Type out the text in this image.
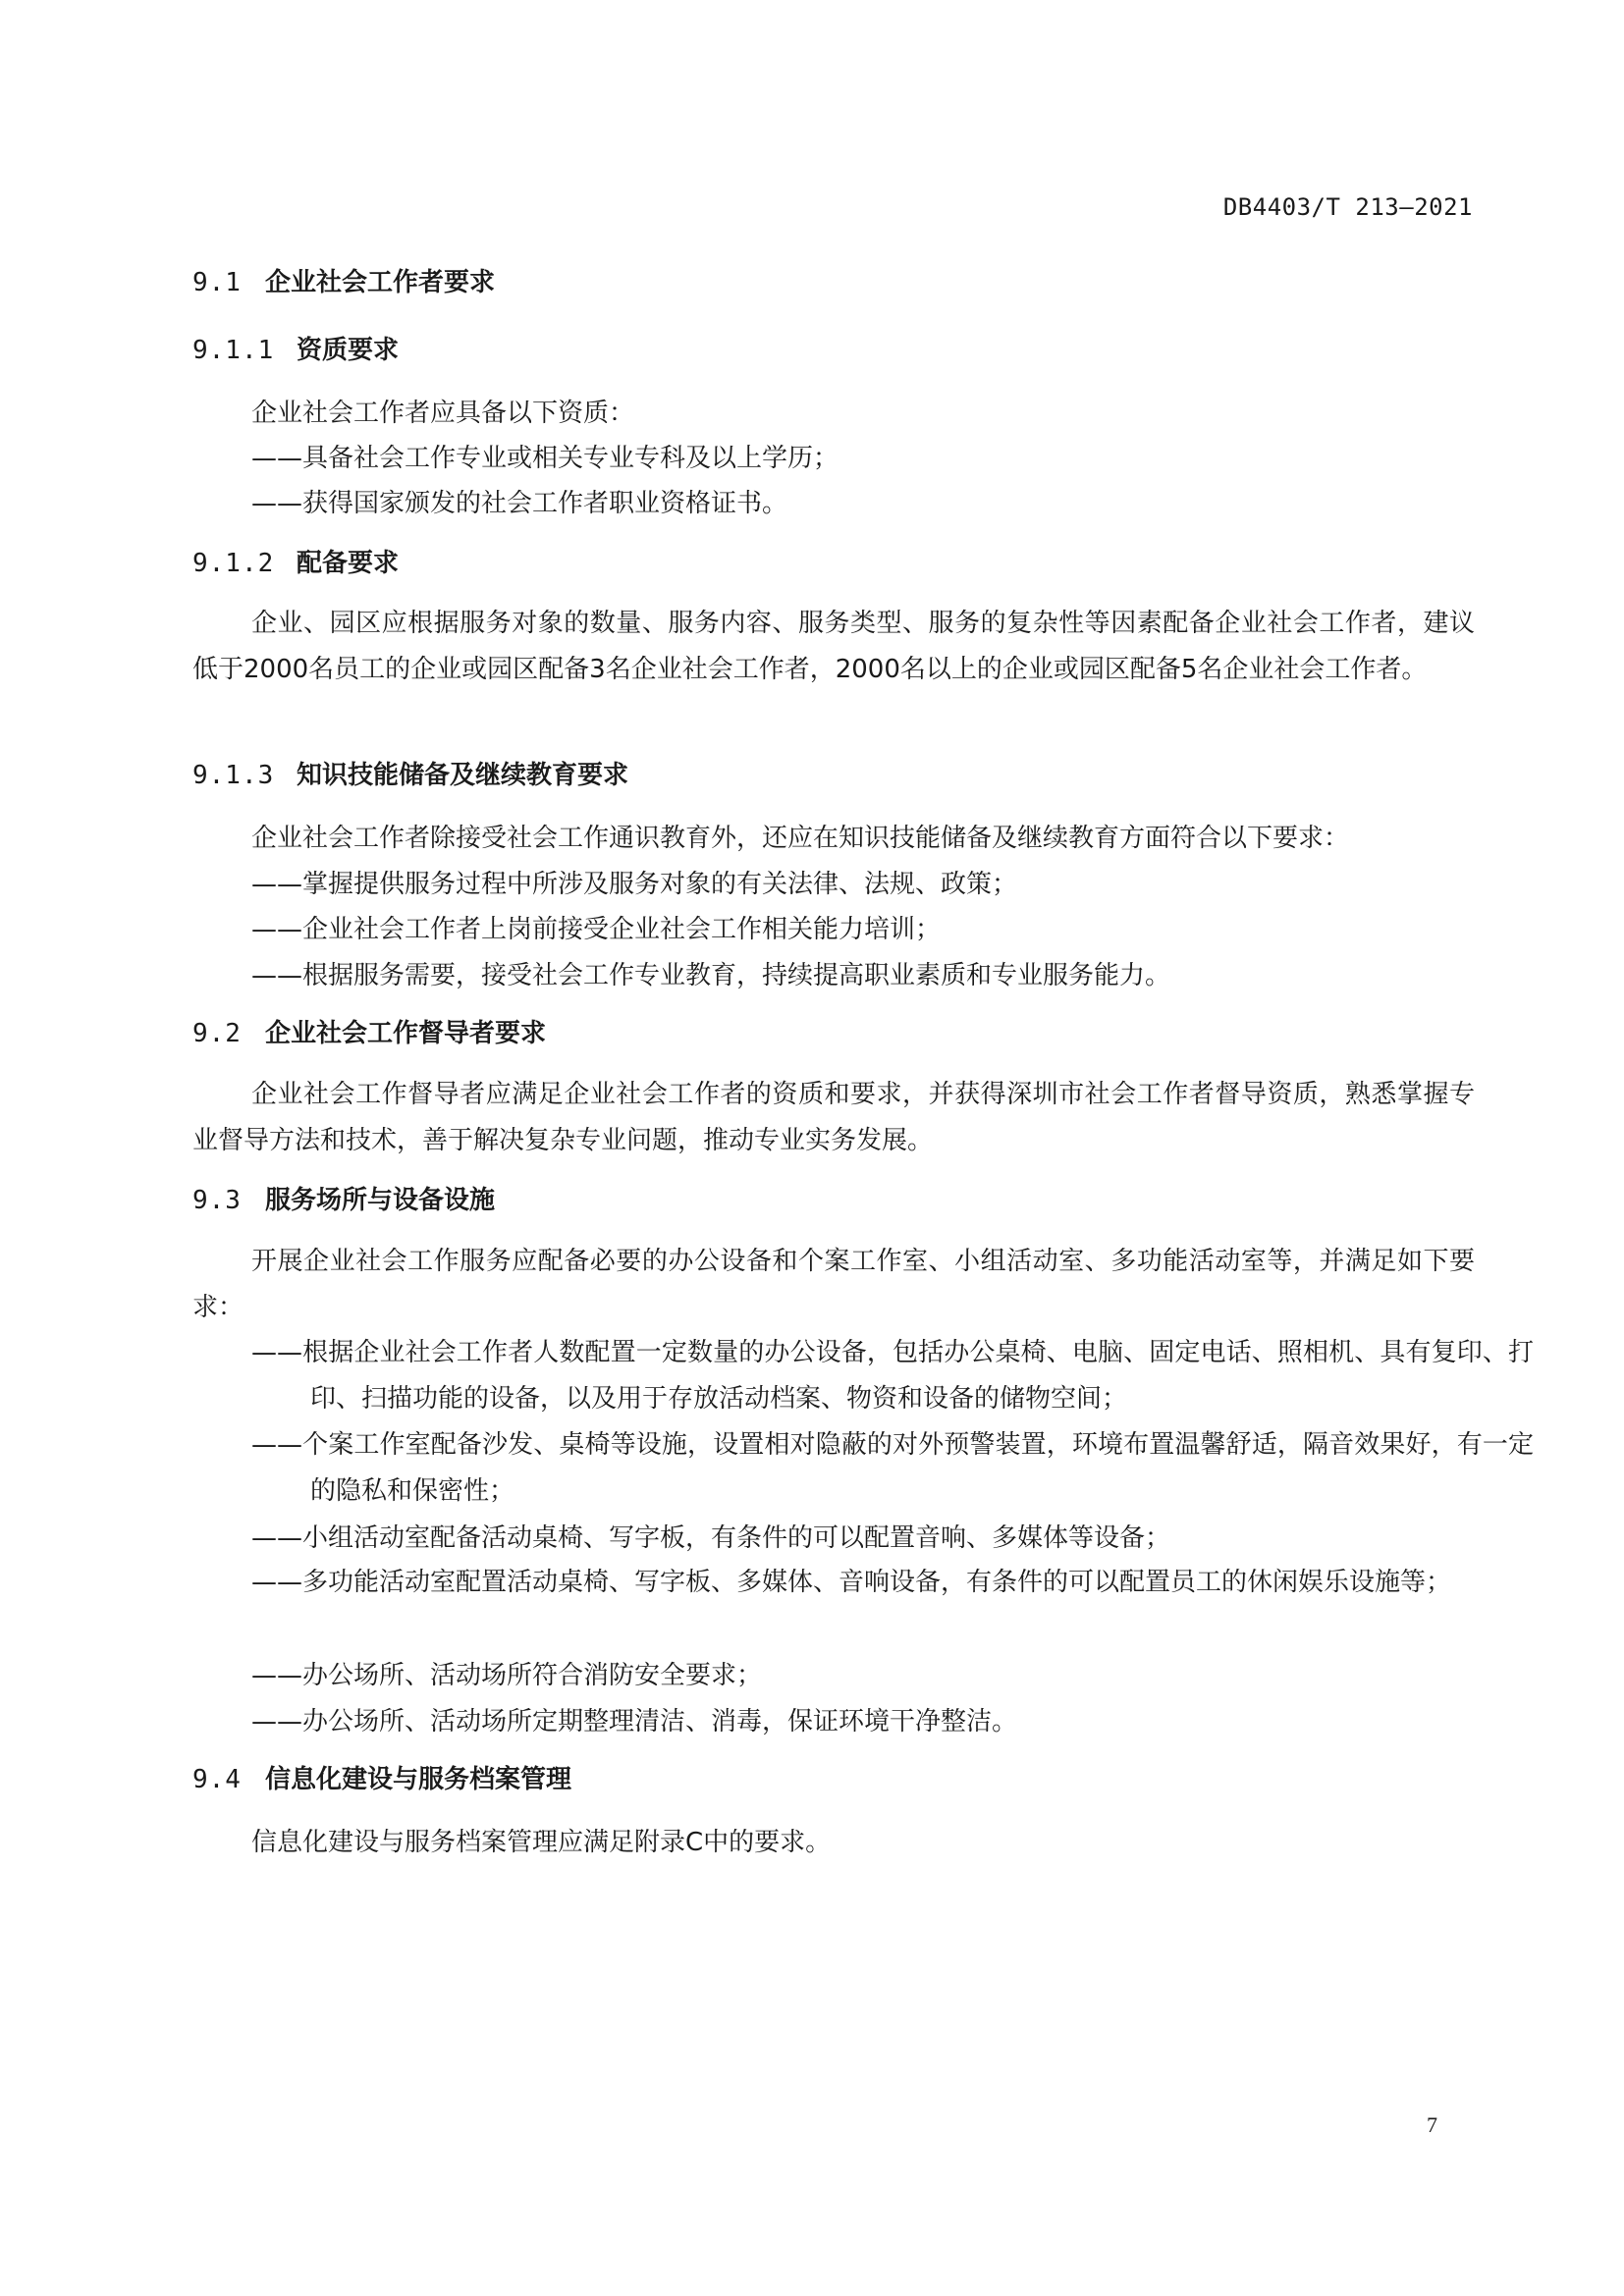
DB4403/T 213—2021
9.1 企业社会工作者要求
9.1.1 资质要求
企业社会工作者应具备以下资质：
——具备社会工作专业或相关专业专科及以上学历；
——获得国家颁发的社会工作者职业资格证书。
9.1.2 配备要求
企业、园区应根据服务对象的数量、服务内容、服务类型、服务的复杂性等因素配备企业社会工作者，建议低于2000名员工的企业或园区配备3名企业社会工作者，2000名以上的企业或园区配备5名企业社会工作者。
9.1.3 知识技能储备及继续教育要求
企业社会工作者除接受社会工作通识教育外，还应在知识技能储备及继续教育方面符合以下要求：
——掌握提供服务过程中所涉及服务对象的有关法律、法规、政策；
——企业社会工作者上岗前接受企业社会工作相关能力培训；
——根据服务需要，接受社会工作专业教育，持续提高职业素质和专业服务能力。
9.2 企业社会工作督导者要求
企业社会工作督导者应满足企业社会工作者的资质和要求，并获得深圳市社会工作者督导资质，熟悉掌握专业督导方法和技术，善于解决复杂专业问题，推动专业实务发展。
9.3 服务场所与设备设施
开展企业社会工作服务应配备必要的办公设备和个案工作室、小组活动室、多功能活动室等，并满足如下要求：
——根据企业社会工作者人数配置一定数量的办公设备，包括办公桌椅、电脑、固定电话、照相机、具有复印、打印、扫描功能的设备，以及用于存放活动档案、物资和设备的储物空间；
——个案工作室配备沙发、桌椅等设施，设置相对隐蔽的对外预警装置，环境布置温馨舒适，隔音效果好，有一定的隐私和保密性；
——小组活动室配备活动桌椅、写字板，有条件的可以配置音响、多媒体等设备；
——多功能活动室配置活动桌椅、写字板、多媒体、音响设备，有条件的可以配置员工的休闲娱乐设施等；
——办公场所、活动场所符合消防安全要求；
——办公场所、活动场所定期整理清洁、消毒，保证环境干净整洁。
9.4 信息化建设与服务档案管理
信息化建设与服务档案管理应满足附录C中的要求。
7
